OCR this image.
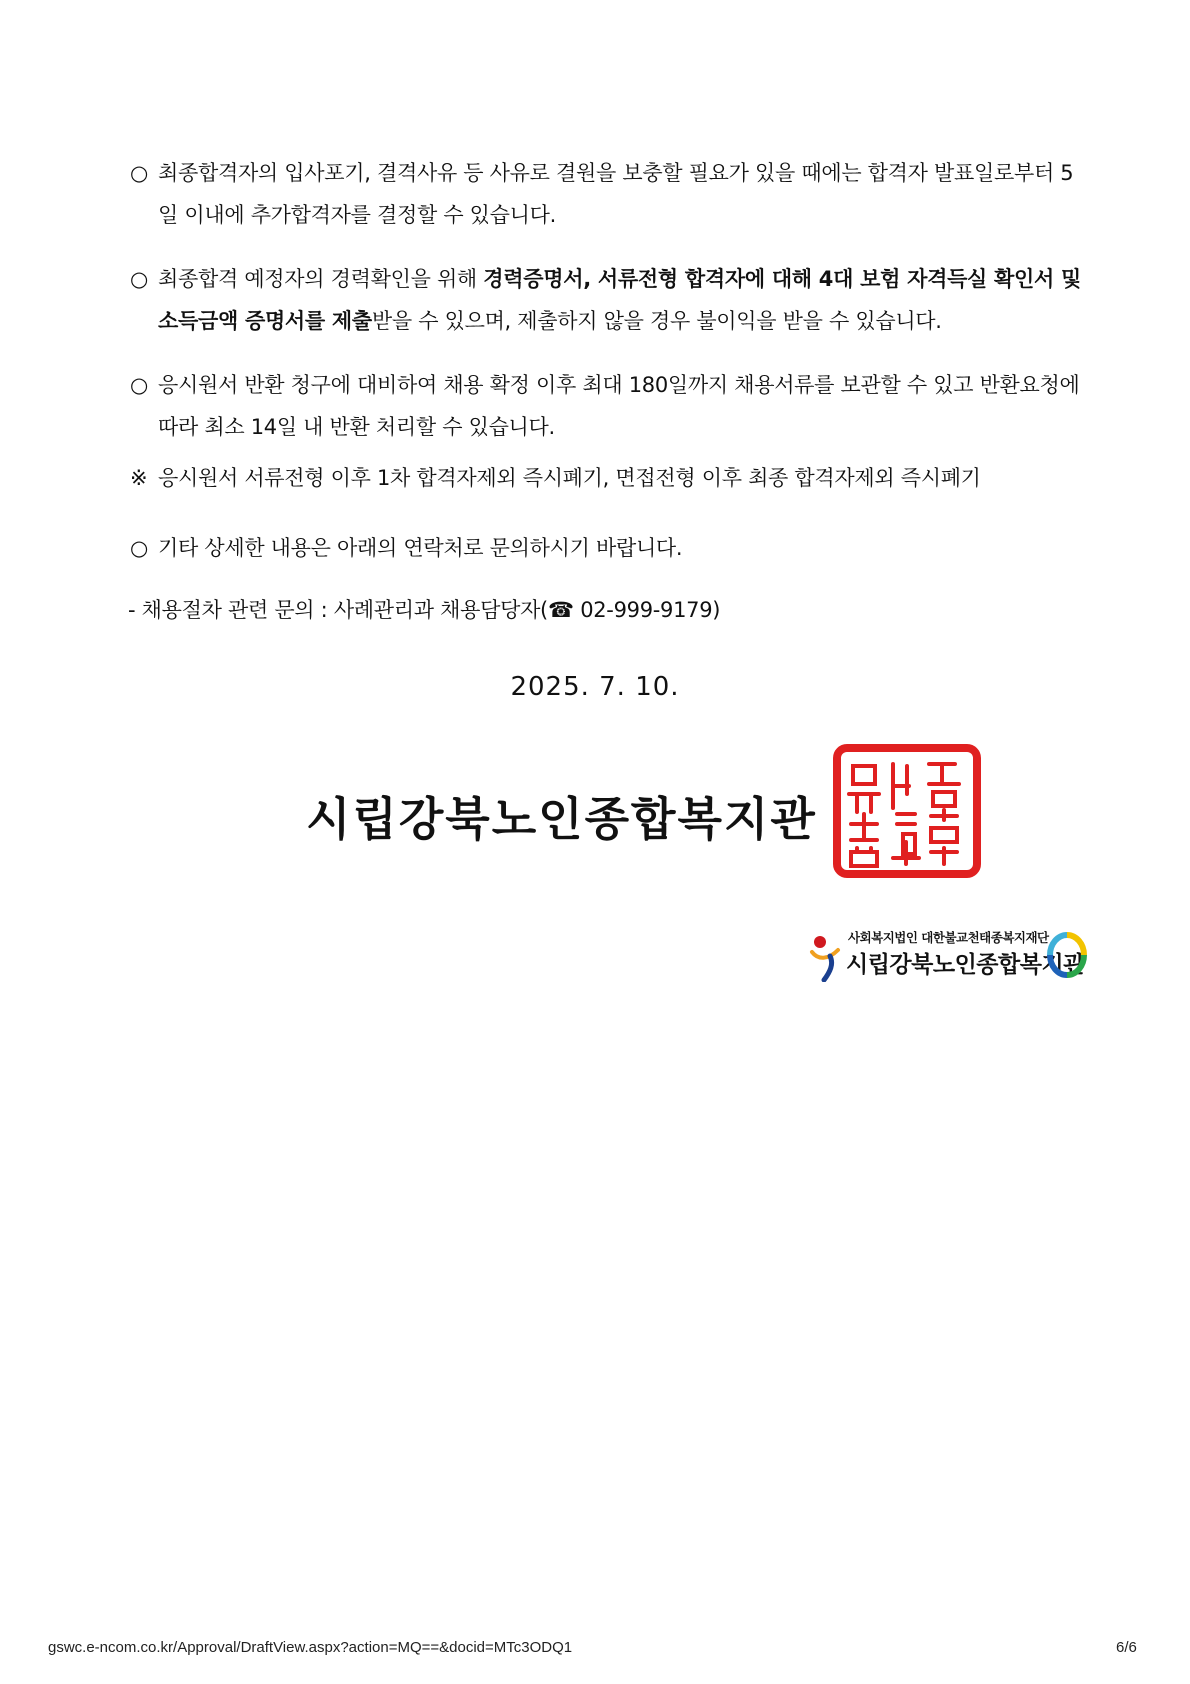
○ 최종합격자의 입사포기, 결격사유 등 사유로 결원을 보충할 필요가 있을 때에는 합격자 발표일로부터 5일 이내에 추가합격자를 결정할 수 있습니다.
○ 최종합격 예정자의 경력확인을 위해 경력증명서, 서류전형 합격자에 대해 4대 보험 자격득실 확인서 및 소득금액 증명서를 제출받을 수 있으며, 제출하지 않을 경우 불이익을 받을 수 있습니다.
○ 응시원서 반환 청구에 대비하여 채용 확정 이후 최대 180일까지 채용서류를 보관할 수 있고 반환요청에 따라 최소 14일 내 반환 처리할 수 있습니다.
※ 응시원서 서류전형 이후 1차 합격자제외 즉시폐기, 면접전형 이후 최종 합격자제외 즉시폐기
○ 기타 상세한 내용은 아래의 연락처로 문의하시기 바랍니다.
- 채용절차 관련 문의 : 사례관리과 채용담당자(☎ 02-999-9179)
2025. 7. 10.
시립강북노인종합복지관
사회복지법인 대한불교천태종복지재단
시립강북노인종합복지관
gswc.e-ncom.co.kr/Approval/DraftView.aspx?action=MQ==&docid=MTc3ODQ1	6/6
